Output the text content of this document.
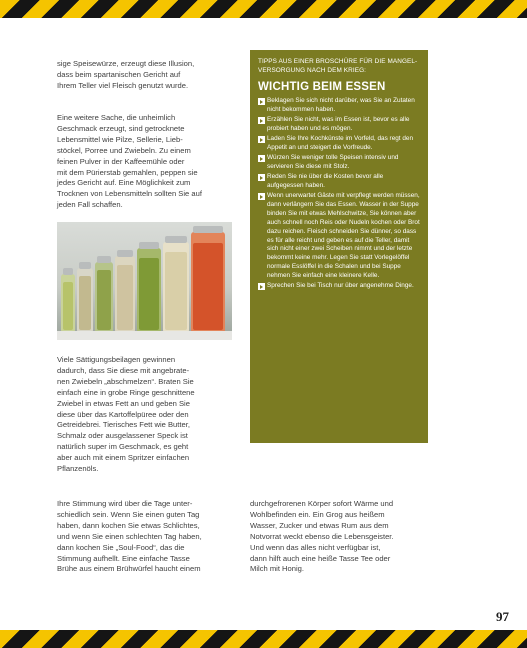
sige Speisewürze, erzeugt diese Illusion,
dass beim spartanischen Gericht auf
Ihrem Teller viel Fleisch genutzt wurde.

Eine weitere Sache, die unheimlich
Geschmack erzeugt, sind getrocknete
Lebensmittel wie Pilze, Sellerie, Lieb-
stöckel, Porree und Zwiebeln. Zu einem
feinen Pulver in der Kaffeemühle oder
mit dem Pürierstab gemahlen, peppen sie
jedes Gericht auf. Eine Möglichkeit zum
Trocknen von Lebensmitteln sollten Sie auf
jeden Fall schaffen.

Viele Sättigungsbeilagen gewinnen
dadurch, dass Sie diese mit angebrate-
nen Zwiebeln „abschmelzen“. Braten Sie
einfach eine in grobe Ringe geschnittene
Zwiebel in etwas Fett an und geben Sie
diese über das Kartoffelpüree oder den
Getreidebrei. Tierisches Fett wie Butter,
Schmalz oder ausgelassener Speck ist
natürlich super im Geschmack, es geht
aber auch mit einem Spritzer einfachen
Pflanzenöls.

Ihre Stimmung wird über die Tage unter-
schiedlich sein. Wenn Sie einen guten Tag
haben, dann kochen Sie etwas Schlichtes,
und wenn Sie einen schlechten Tag haben,
dann kochen Sie „Soul-Food“, das die
Stimmung aufhellt. Eine einfache Tasse
Brühe aus einem Brühwürfel haucht einem

durchgefrorenen Körper sofort Wärme und
Wohlbefinden ein. Ein Grog aus heißem
Wasser, Zucker und etwas Rum aus dem
Notvorrat weckt ebenso die Lebensgeister.
Und wenn das alles nicht verfügbar ist,
dann hilft auch eine heiße Tasse Tee oder
Milch mit Honig.

TIPPS AUS EINER BROSCHÜRE FÜR DIE MANGEL-
VERSORGUNG NACH DEM KRIEG:

WICHTIG BEIM ESSEN
Beklagen Sie sich nicht darüber, was Sie an Zutaten nicht bekommen haben.
Erzählen Sie nicht, was im Essen ist, bevor es alle probiert haben und es mögen.
Laden Sie Ihre Kochkünste im Vorfeld, das regt den Appetit an und steigert die Vorfreude.
Würzen Sie weniger tolle Speisen intensiv und servieren Sie diese mit Stolz.
Reden Sie nie über die Kosten bevor alle aufgegessen haben.
Wenn unerwartet Gäste mit verpflegt werden müssen, dann verlängern Sie das Essen. Wasser in der Suppe binden Sie mit etwas Mehlschwitze, Sie können aber auch schnell noch Reis oder Nudeln kochen oder Brot dazu reichen. Fleisch schneiden Sie dünner, so dass es für alle reicht und geben es auf die Teller, damit sich nicht einer zwei Scheiben nimmt und der letzte bekommt keine mehr. Legen Sie statt Vorlegelöffel normale Esslöffel in die Schalen und bei Suppe nehmen Sie einfach eine kleinere Kelle.
Sprechen Sie bei Tisch nur über angenehme Dinge.
97
